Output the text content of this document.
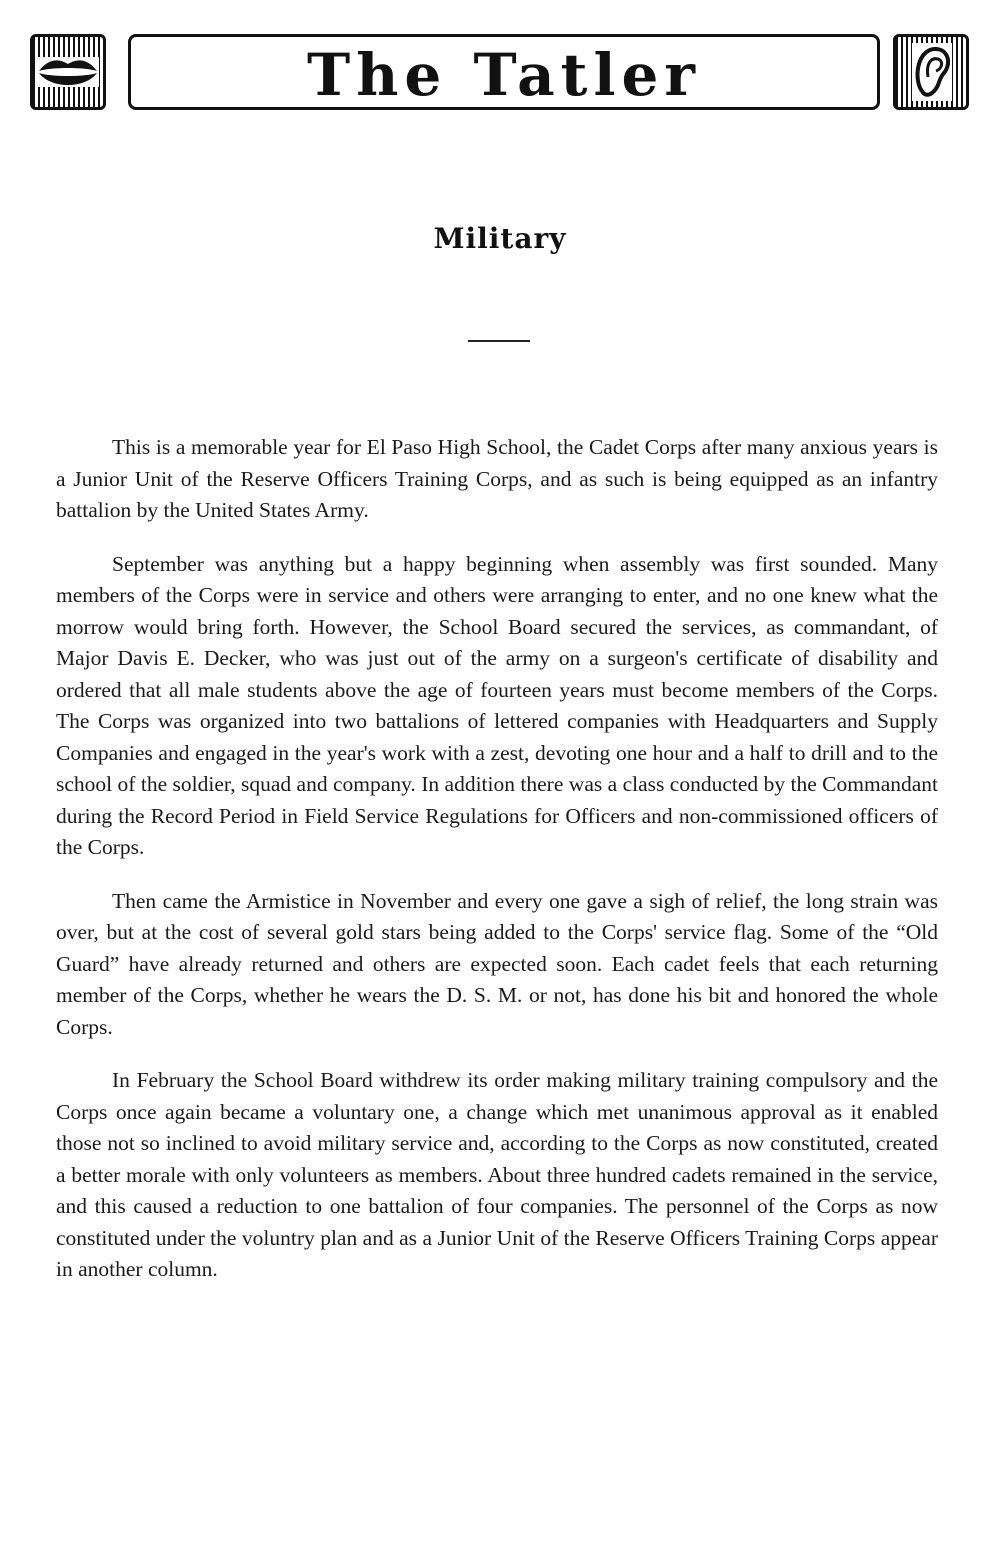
The Tatler
Military

This is a memorable year for El Paso High School, the Cadet Corps after many anxious years is a Junior Unit of the Reserve Officers Training Corps, and as such is being equipped as an infantry battalion by the United States Army.

September was anything but a happy beginning when assembly was first sounded. Many members of the Corps were in service and others were arranging to enter, and no one knew what the morrow would bring forth. However, the School Board secured the services, as commandant, of Major Davis E. Decker, who was just out of the army on a surgeon's certificate of disability and ordered that all male students above the age of fourteen years must become members of the Corps. The Corps was organized into two battalions of lettered companies with Headquarters and Supply Companies and engaged in the year's work with a zest, devoting one hour and a half to drill and to the school of the soldier, squad and company. In addition there was a class conducted by the Commandant during the Record Period in Field Service Regulations for Officers and non-commissioned officers of the Corps.

Then came the Armistice in November and every one gave a sigh of relief, the long strain was over, but at the cost of several gold stars being added to the Corps' service flag. Some of the “Old Guard” have already returned and others are expected soon. Each cadet feels that each returning member of the Corps, whether he wears the D. S. M. or not, has done his bit and honored the whole Corps.

In February the School Board withdrew its order making military training compulsory and the Corps once again became a voluntary one, a change which met unanimous approval as it enabled those not so inclined to avoid military service and, according to the Corps as now constituted, created a better morale with only volunteers as members. About three hundred cadets remained in the service, and this caused a reduction to one battalion of four companies. The personnel of the Corps as now constituted under the voluntry plan and as a Junior Unit of the Reserve Officers Training Corps appear in another column.
